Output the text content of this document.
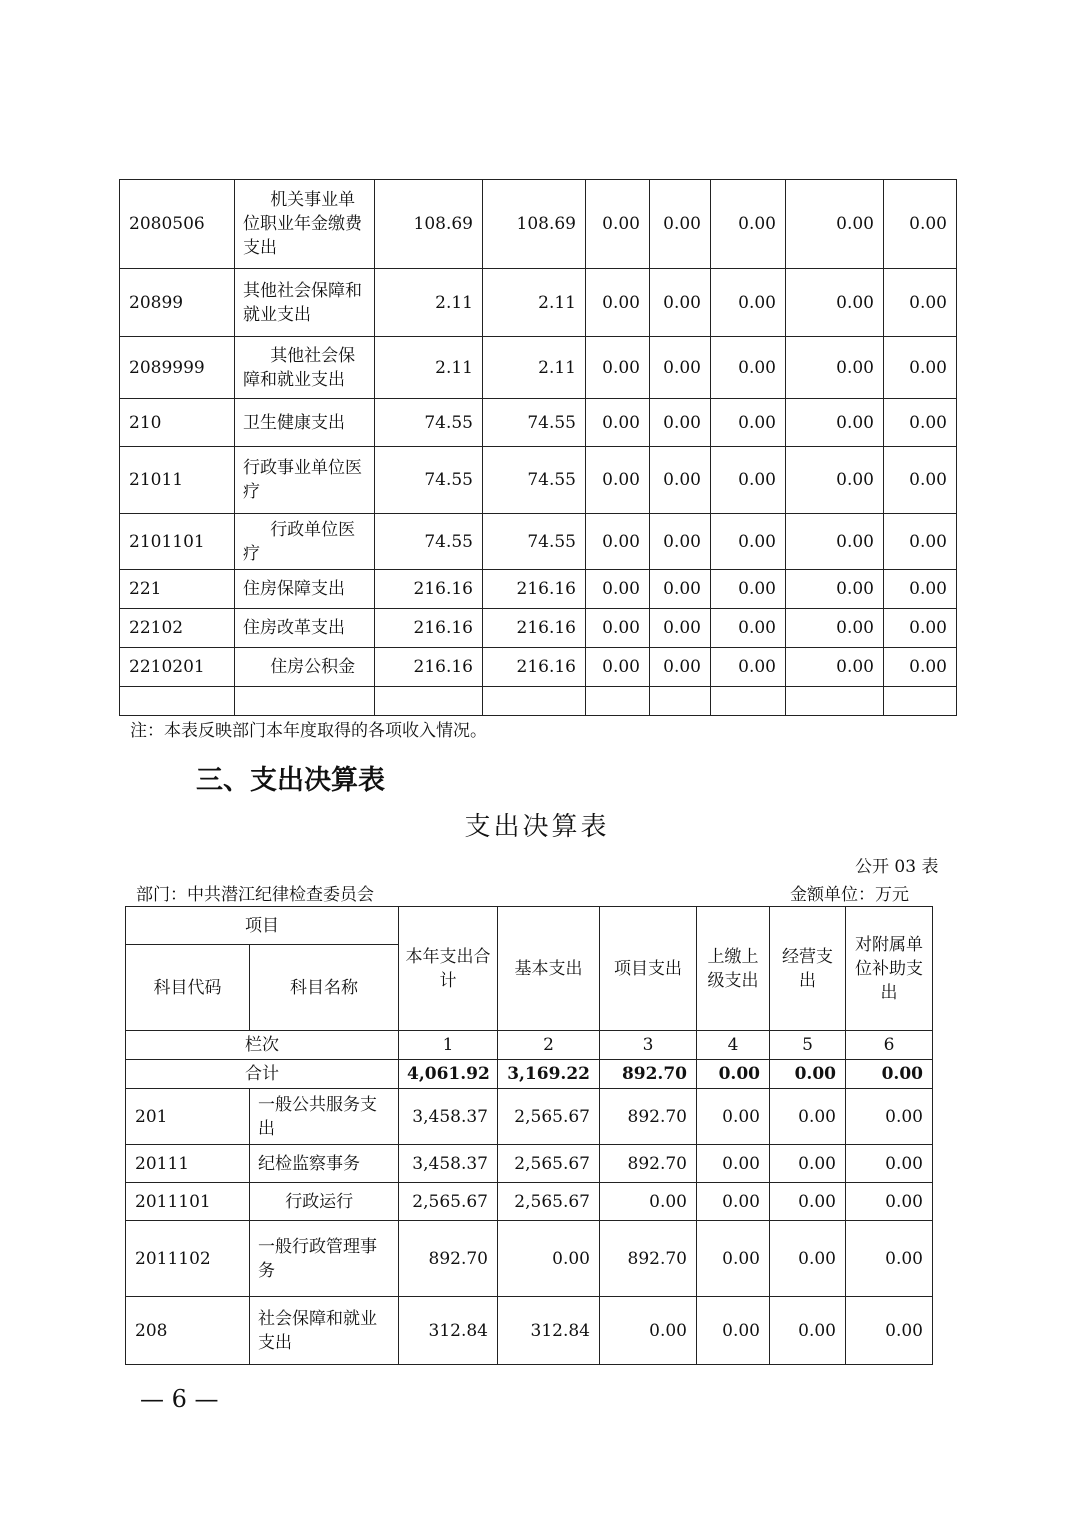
2080506	机关事业单位职业年金缴费支出	108.69	108.69	0.00	0.00	0.00	0.00	0.00
20899	其他社会保障和就业支出	2.11	2.11	0.00	0.00	0.00	0.00	0.00
2089999	其他社会保障和就业支出	2.11	2.11	0.00	0.00	0.00	0.00	0.00
210	卫生健康支出	74.55	74.55	0.00	0.00	0.00	0.00	0.00
21011	行政事业单位医疗	74.55	74.55	0.00	0.00	0.00	0.00	0.00
2101101	行政单位医疗	74.55	74.55	0.00	0.00	0.00	0.00	0.00
221	住房保障支出	216.16	216.16	0.00	0.00	0.00	0.00	0.00
22102	住房改革支出	216.16	216.16	0.00	0.00	0.00	0.00	0.00
2210201	住房公积金	216.16	216.16	0.00	0.00	0.00	0.00	0.00

注：本表反映部门本年度取得的各项收入情况。
三、支出决算表
支出决算表
公开 03 表
部门：中共潜江纪律检查委员会	金额单位：万元
项目		本年支出合计	基本支出	项目支出	上缴上级支出	经营支出	对附属单位补助支出
科目代码	科目名称						
栏次		1	2	3	4	5	6
合计		4,061.92	3,169.22	892.70	0.00	0.00	0.00
201	一般公共服务支出	3,458.37	2,565.67	892.70	0.00	0.00	0.00
20111	纪检监察事务	3,458.37	2,565.67	892.70	0.00	0.00	0.00
2011101	行政运行	2,565.67	2,565.67	0.00	0.00	0.00	0.00
2011102	一般行政管理事务	892.70	0.00	892.70	0.00	0.00	0.00
208	社会保障和就业支出	312.84	312.84	0.00	0.00	0.00	0.00
— 6 —
